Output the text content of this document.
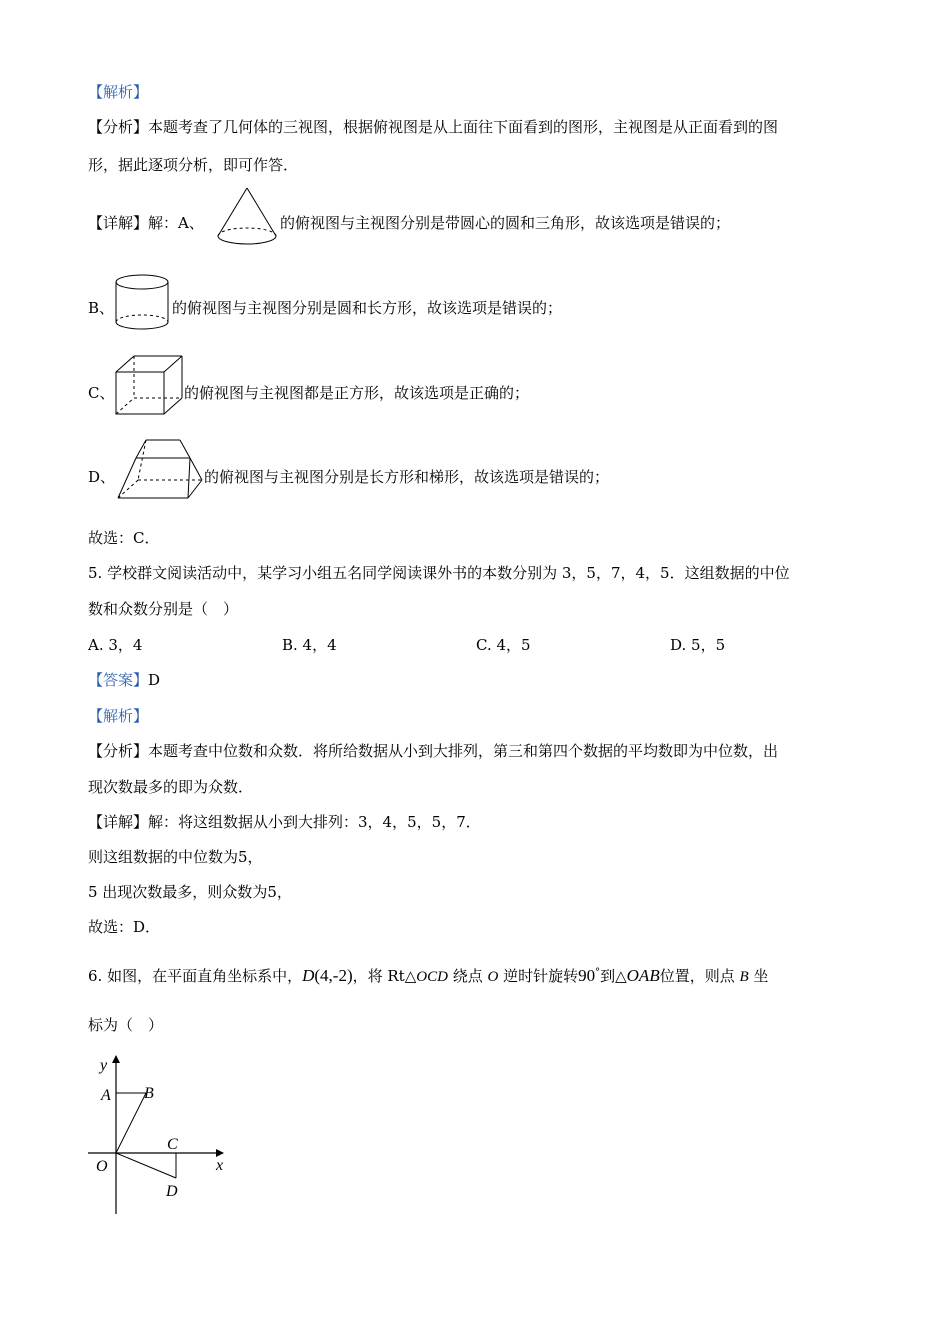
【解析】
【分析】本题考查了几何体的三视图，根据俯视图是从上面往下面看到的图形，主视图是从正面看到的图
形，据此逐项分析，即可作答．
【详解】解：A、	的俯视图与主视图分别是带圆心的圆和三角形，故该选项是错误的；
B、	的俯视图与主视图分别是圆和长方形，故该选项是错误的；
C、	的俯视图与主视图都是正方形，故该选项是正确的；
D、	的俯视图与主视图分别是长方形和梯形，故该选项是错误的；
故选：C．
5. 学校群文阅读活动中，某学习小组五名同学阅读课外书的本数分别为 3，5，7，4，5．这组数据的中位
数和众数分别是（　）
A. 3，4	B. 4，4	C. 4，5	D. 5，5
【答案】D
【解析】
【分析】本题考查中位数和众数．将所给数据从小到大排列，第三和第四个数据的平均数即为中位数，出
现次数最多的即为众数．
【详解】解：将这组数据从小到大排列：3，4，5，5，7．
则这组数据的中位数为5，
5 出现次数最多，则众数为5，
故选：D．
6. 如图，在平面直角坐标系中，D(4,‐2)，将 Rt△OCD 绕点 O 逆时针旋转90°到△OAB位置，则点 B 坐
标为（　）
y
x
A B
C
D
O
